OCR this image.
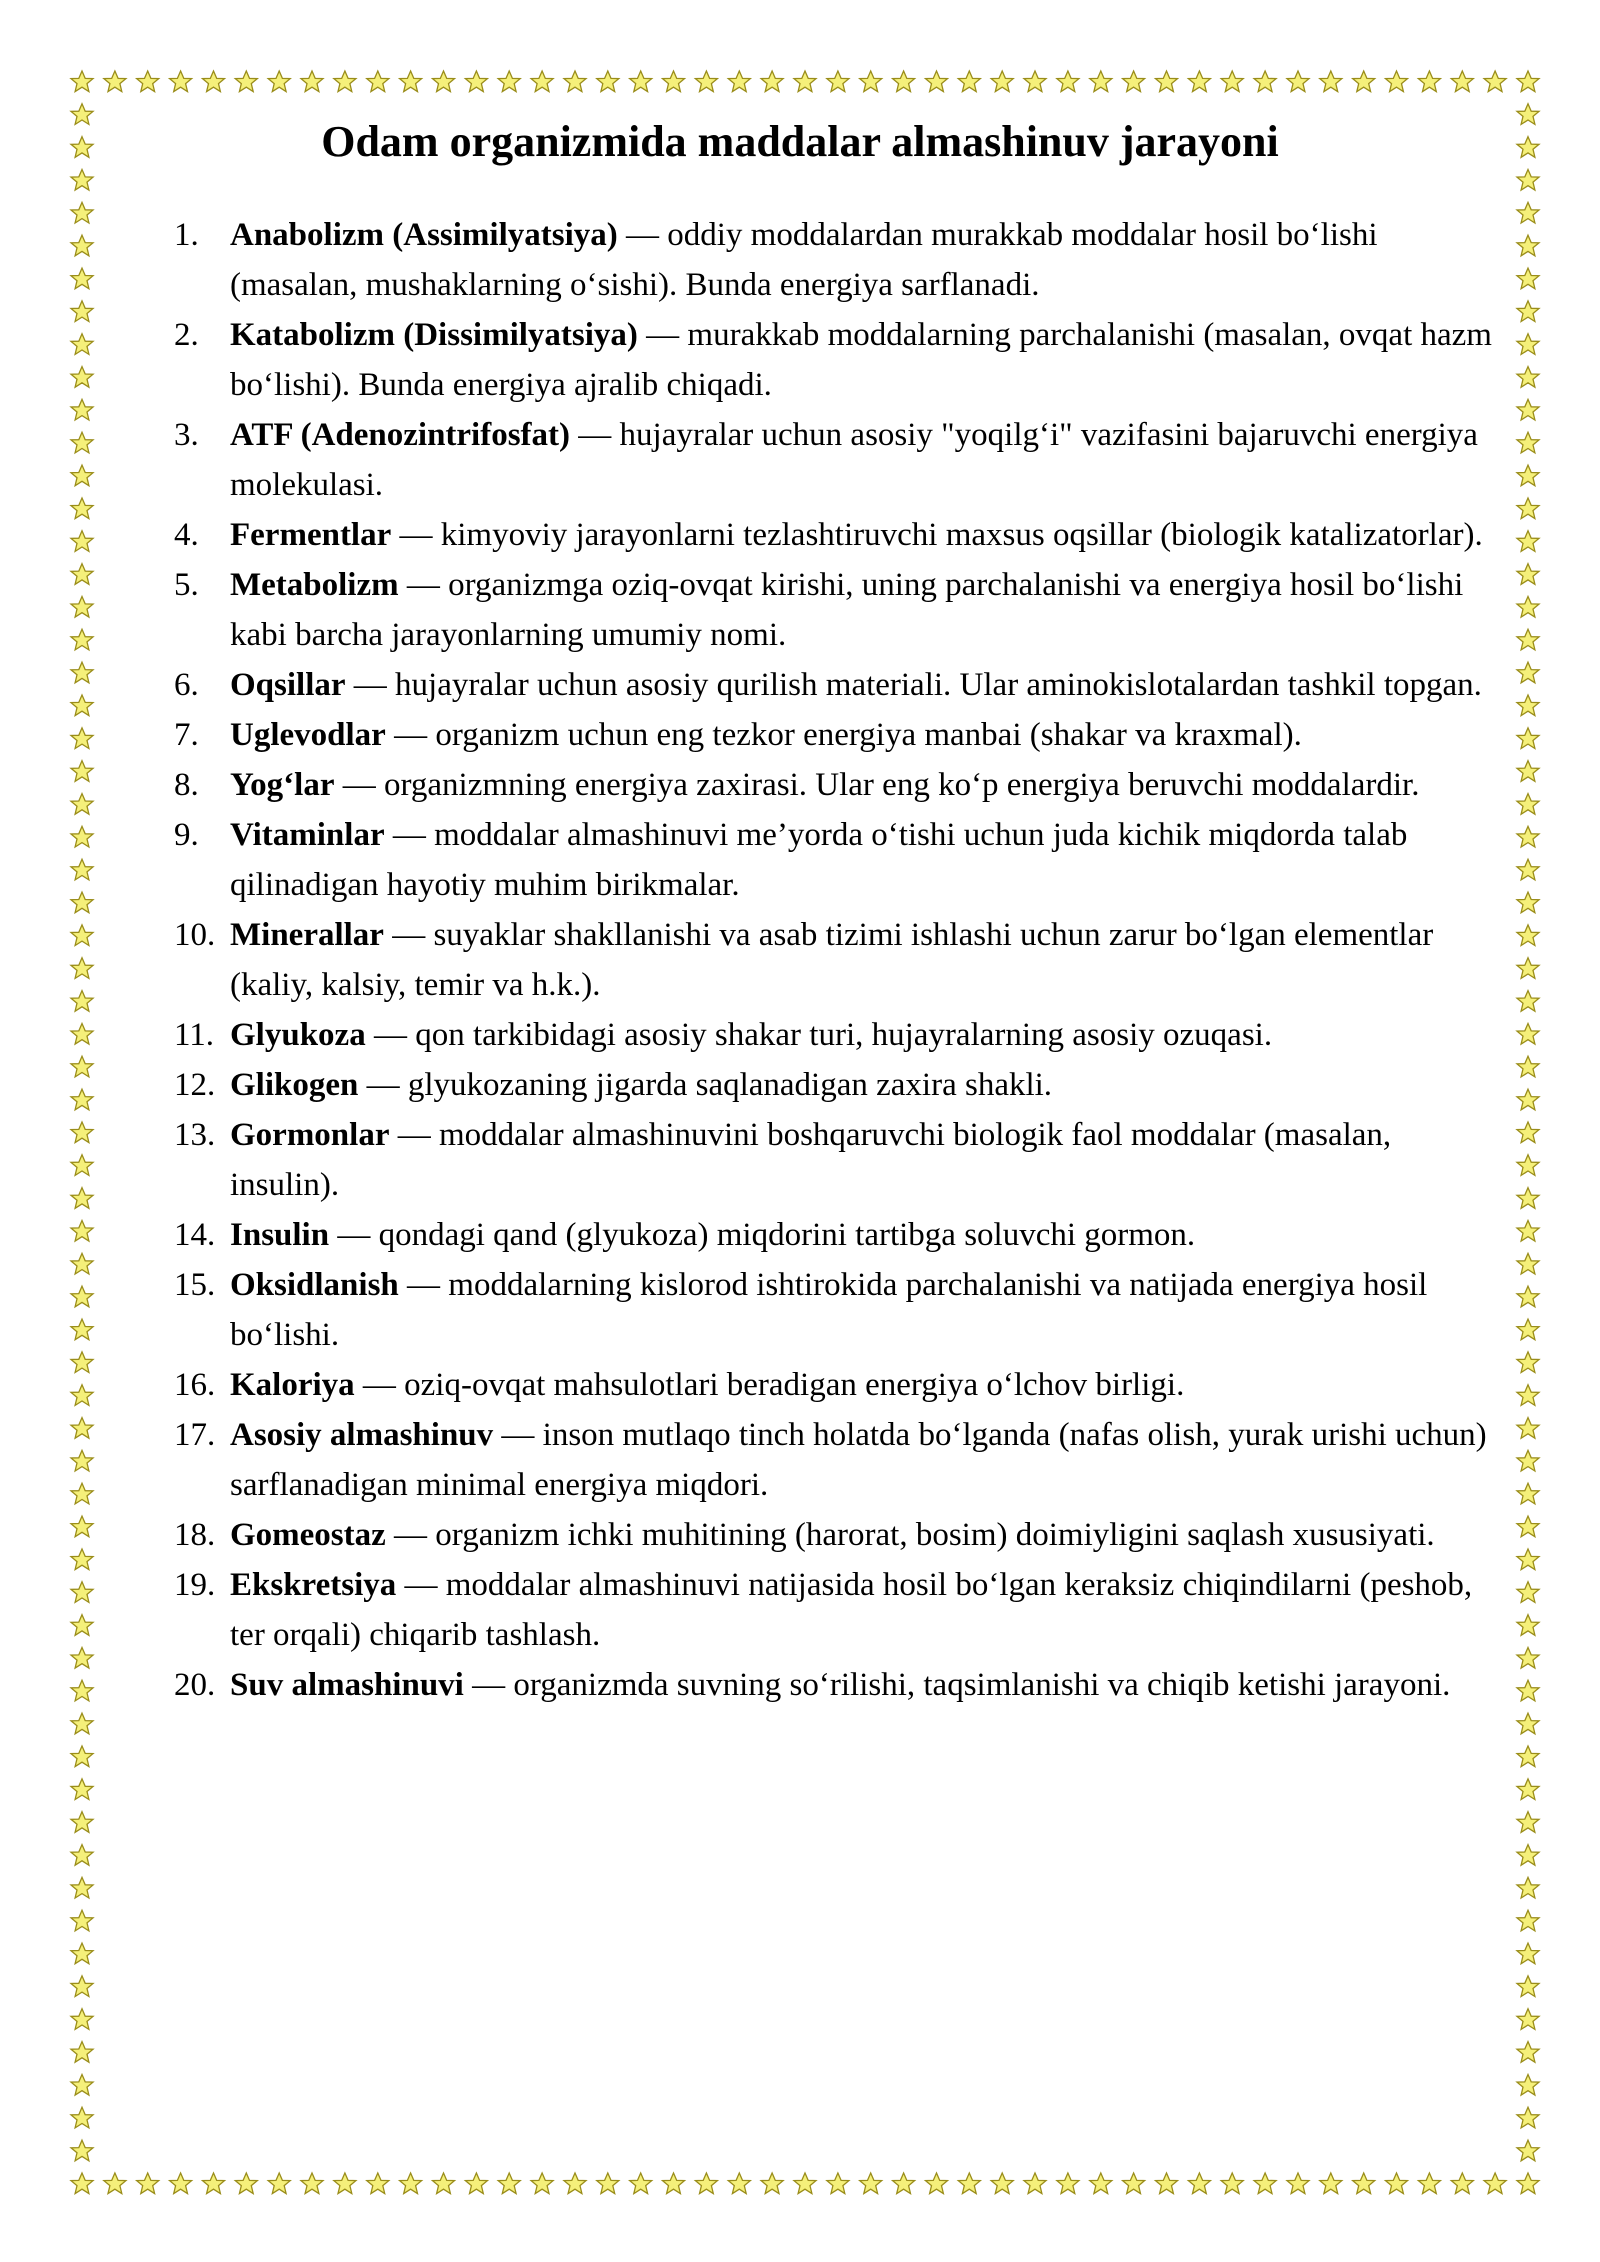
Odam organizmida maddalar almashinuv jarayoni
1. Anabolizm (Assimilyatsiya) — oddiy moddalardan murakkab moddalar hosil bo‘lishi (masalan, mushaklarning o‘sishi). Bunda energiya sarflanadi.
2. Katabolizm (Dissimilyatsiya) — murakkab moddalarning parchalanishi (masalan, ovqat hazm bo‘lishi). Bunda energiya ajralib chiqadi.
3. ATF (Adenozintrifosfat) — hujayralar uchun asosiy "yoqilg‘i" vazifasini bajaruvchi energiya molekulasi.
4. Fermentlar — kimyoviy jarayonlarni tezlashtiruvchi maxsus oqsillar (biologik katalizatorlar).
5. Metabolizm — organizmga oziq-ovqat kirishi, uning parchalanishi va energiya hosil bo‘lishi kabi barcha jarayonlarning umumiy nomi.
6. Oqsillar — hujayralar uchun asosiy qurilish materiali. Ular aminokislotalardan tashkil topgan.
7. Uglevodlar — organizm uchun eng tezkor energiya manbai (shakar va kraxmal).
8. Yog‘lar — organizmning energiya zaxirasi. Ular eng ko‘p energiya beruvchi moddalardir.
9. Vitaminlar — moddalar almashinuvi me’yorda o‘tishi uchun juda kichik miqdorda talab qilinadigan hayotiy muhim birikmalar.
10. Minerallar — suyaklar shakllanishi va asab tizimi ishlashi uchun zarur bo‘lgan elementlar (kaliy, kalsiy, temir va h.k.).
11. Glyukoza — qon tarkibidagi asosiy shakar turi, hujayralarning asosiy ozuqasi.
12. Glikogen — glyukozaning jigarda saqlanadigan zaxira shakli.
13. Gormonlar — moddalar almashinuvini boshqaruvchi biologik faol moddalar (masalan, insulin).
14. Insulin — qondagi qand (glyukoza) miqdorini tartibga soluvchi gormon.
15. Oksidlanish — moddalarning kislorod ishtirokida parchalanishi va natijada energiya hosil bo‘lishi.
16. Kaloriya — oziq-ovqat mahsulotlari beradigan energiya o‘lchov birligi.
17. Asosiy almashinuv — inson mutlaqo tinch holatda bo‘lganda (nafas olish, yurak urishi uchun) sarflanadigan minimal energiya miqdori.
18. Gomeostaz — organizm ichki muhitining (harorat, bosim) doimiyligini saqlash xususiyati.
19. Ekskretsiya — moddalar almashinuvi natijasida hosil bo‘lgan keraksiz chiqindilarni (peshob, ter orqali) chiqarib tashlash.
20. Suv almashinuvi — organizmda suvning so‘rilishi, taqsimlanishi va chiqib ketishi jarayoni.
